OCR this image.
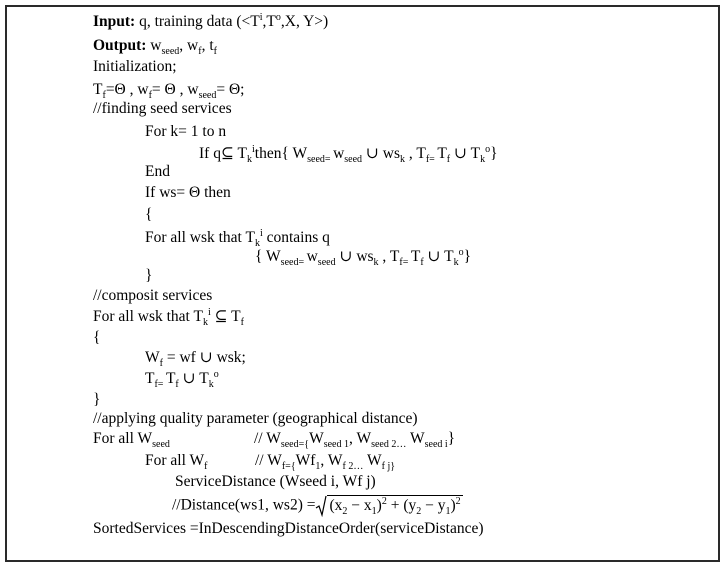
Input: q, training data ($<T^i,T^o,X$, Y>)
Output: $w_{seed}$, $w_f$, $t_f$
Initialization;
$T_f=\Theta$ , $w_f= \Theta$ , $w_{seed}= \Theta$;
//finding seed services
For k= 1 to n
If q⊆ $T_k^ithen${ $W_{seed=}$ $w_{seed}$ ∪ $ws_k$ , $T_{f=}$ $T_f$ ∪ $T_k^o$}
End
If ws= Θ then
{
For all wsk that $T_k^i$ contains q
{ $W_{seed=}$ $w_{seed}$ ∪ $ws_k$ , $T_{f=}$ $T_f$ ∪ $T_k^o$}
}
//composit services
For all wsk that $T_k^i$ ⊆ $T_f$
{
$W_f$ = wf ∪ wsk;
$T_{f=}$ $T_f$ ∪ $T_k^o$
}
//applying quality parameter (geographical distance)
For all $W_{seed}$	// $W_{seed=\{}W_{seed 1}$, $W_{seed 2\dots}$ $W_{seed i}$}
For all $W_f$	// $W_{f=\{}Wf_1$, $W_{f 2\dots}$ $W_{f j\}}$
ServiceDistance (Wseed i, Wf j)
//Distance(ws1, $ws2) = (x_2 - x_1)^2 + (y_2 - y_1)^2$
SortedServices =InDescendingDistanceOrder(serviceDistance)
